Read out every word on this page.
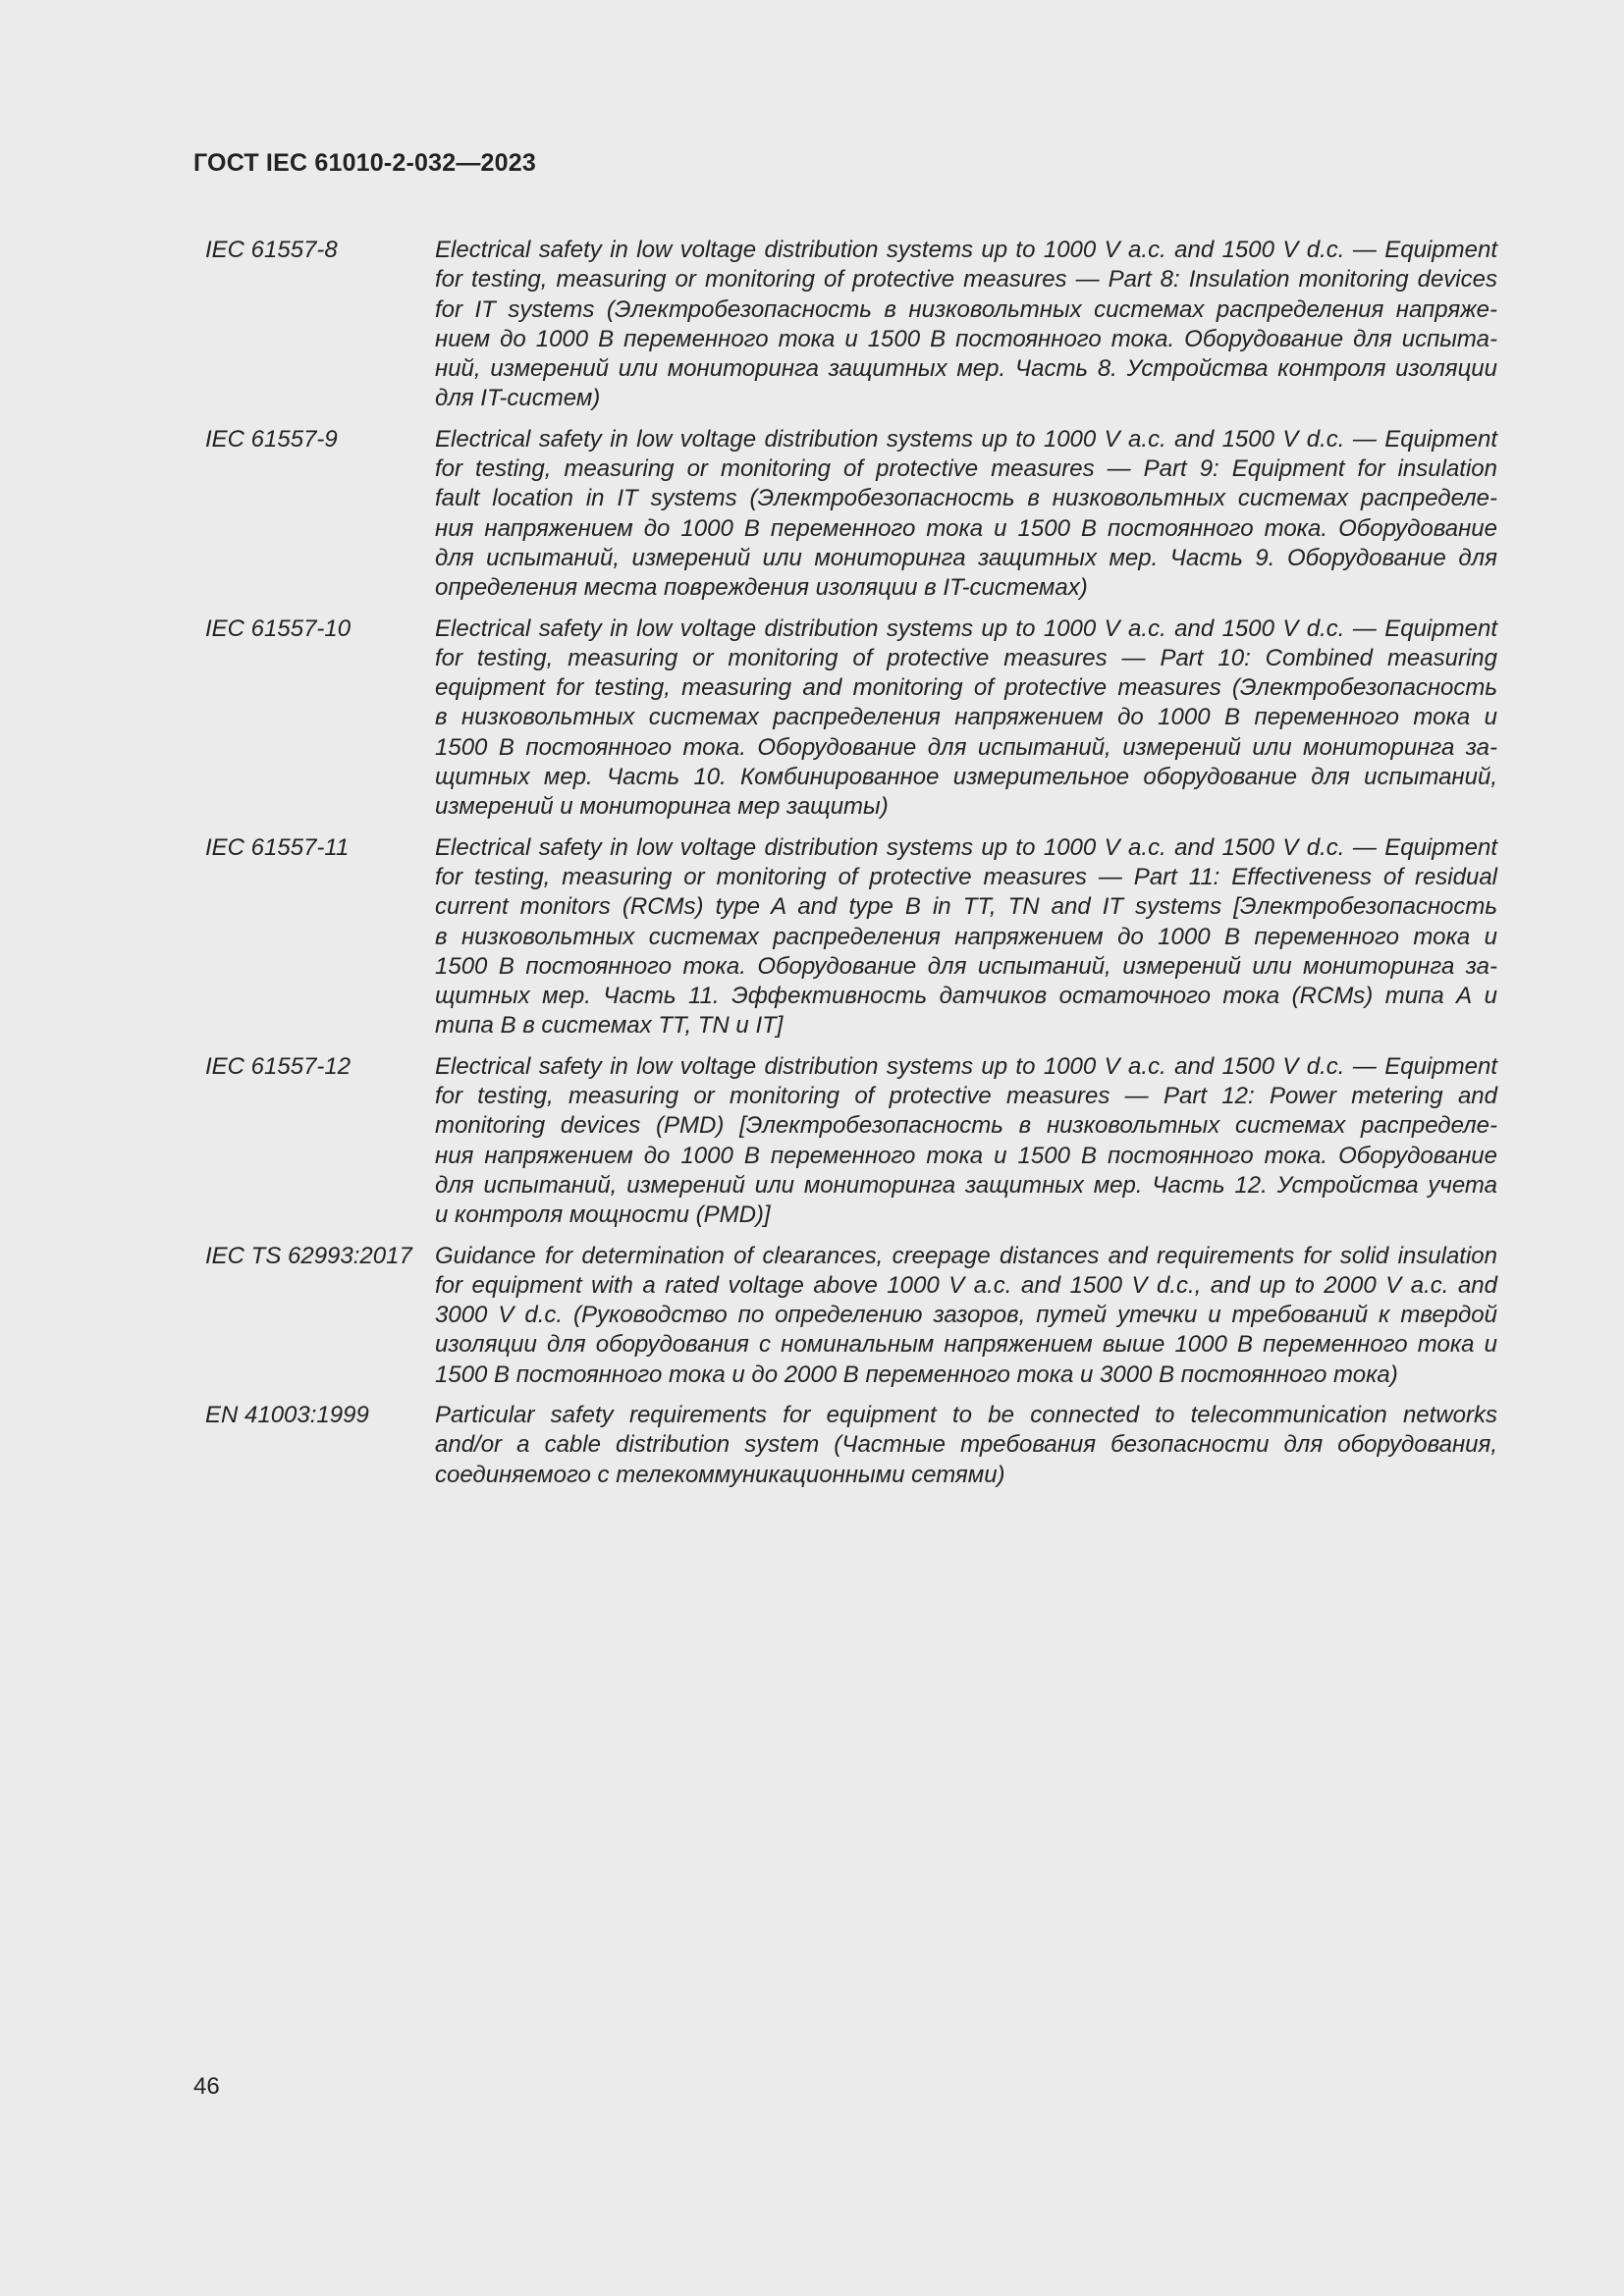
ГОСТ IEC 61010-2-032—2023
IEC 61557-8	Electrical safety in low voltage distribution systems up to 1000 V a.c. and 1500 V d.c. — Equipment
for testing, measuring or monitoring of protective measures — Part 8: Insulation monitoring devices
for IT systems (Электробезопасность в низковольтных системах распределения напряже-
нием до 1000 В переменного тока и 1500 В постоянного тока. Оборудование для испыта-
ний, измерений или мониторинга защитных мер. Часть 8. Устройства контроля изоляции
для IT-систем)
IEC 61557-9	Electrical safety in low voltage distribution systems up to 1000 V a.c. and 1500 V d.c. — Equipment
for testing, measuring or monitoring of protective measures — Part 9: Equipment for insulation
fault location in IT systems (Электробезопасность в низковольтных системах распределе-
ния напряжением до 1000 В переменного тока и 1500 В постоянного тока. Оборудование
для испытаний, измерений или мониторинга защитных мер. Часть 9. Оборудование для
определения места повреждения изоляции в IT-системах)
IEC 61557-10	Electrical safety in low voltage distribution systems up to 1000 V a.c. and 1500 V d.c. — Equipment
for testing, measuring or monitoring of protective measures — Part 10: Combined measuring
equipment for testing, measuring and monitoring of protective measures (Электробезопасность
в низковольтных системах распределения напряжением до 1000 В переменного тока и
1500 В постоянного тока. Оборудование для испытаний, измерений или мониторинга за-
щитных мер. Часть 10. Комбинированное измерительное оборудование для испытаний,
измерений и мониторинга мер защиты)
IEC 61557-11	Electrical safety in low voltage distribution systems up to 1000 V a.c. and 1500 V d.c. — Equipment
for testing, measuring or monitoring of protective measures — Part 11: Effectiveness of residual
current monitors (RCMs) type A and type B in TT, TN and IT systems [Электробезопасность
в низковольтных системах распределения напряжением до 1000 В переменного тока и
1500 В постоянного тока. Оборудование для испытаний, измерений или мониторинга за-
щитных мер. Часть 11. Эффективность датчиков остаточного тока (RCMs) типа А и
типа В в системах TT, TN и IT]
IEC 61557-12	Electrical safety in low voltage distribution systems up to 1000 V a.c. and 1500 V d.c. — Equipment
for testing, measuring or monitoring of protective measures — Part 12: Power metering and
monitoring devices (PMD) [Электробезопасность в низковольтных системах распределе-
ния напряжением до 1000 В переменного тока и 1500 В постоянного тока. Оборудование
для испытаний, измерений или мониторинга защитных мер. Часть 12. Устройства учета
и контроля мощности (PMD)]
IEC TS 62993:2017 Guidance for determination of clearances, creepage distances and requirements for solid insulation
for equipment with a rated voltage above 1000 V a.c. and 1500 V d.c., and up to 2000 V a.c. and
3000 V d.c. (Руководство по определению зазоров, путей утечки и требований к твердой
изоляции для оборудования с номинальным напряжением выше 1000 В переменного тока и
1500 В постоянного тока и до 2000 В переменного тока и 3000 В постоянного тока)
EN 41003:1999	Particular safety requirements for equipment to be connected to telecommunication networks
and/or a cable distribution system (Частные требования безопасности для оборудования,
соединяемого с телекоммуникационными сетями)
46
